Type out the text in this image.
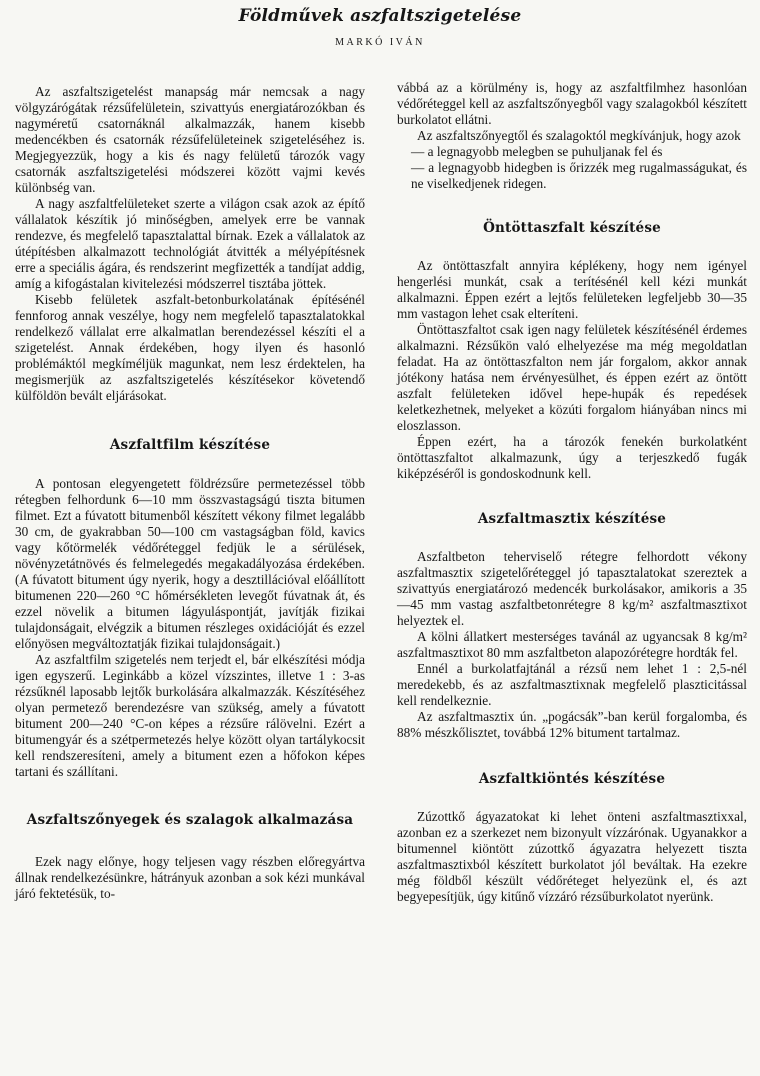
Földművek aszfaltszigetelése
MARKÓ IVÁN

Az aszfaltszigetelést manapság már nemcsak a nagy völgyzárógátak rézsűfelületein, szivattyús energiatározókban és nagyméretű csatornáknál alkalmazzák, hanem kisebb medencékben és csatornák rézsűfelületeinek szigeteléséhez is. Megjegyezzük, hogy a kis és nagy felületű tározók vagy csatornák aszfaltszigetelési módszerei között vajmi kevés különbség van.

A nagy aszfaltfelületeket szerte a világon csak azok az építő vállalatok készítik jó minőségben, amelyek erre be vannak rendezve, és megfelelő tapasztalattal bírnak. Ezek a vállalatok az útépítésben alkalmazott technológiát átvitték a mélyépítésnek erre a speciális ágára, és rendszerint megfizették a tandíjat addig, amíg a kifogástalan kivitelezési módszerrel tisztába jöttek.

Kisebb felületek aszfalt-betonburkolatának építésénél fennforog annak veszélye, hogy nem megfelelő tapasztalatokkal rendelkező vállalat erre alkalmatlan berendezéssel készíti el a szigetelést. Annak érdekében, hogy ilyen és hasonló problémáktól megkíméljük magunkat, nem lesz érdektelen, ha megismerjük az aszfaltszigetelés készítésekor követendő külföldön bevált eljárásokat.

Aszfaltfilm készítése

A pontosan elegyengetett földrézsűre permetezéssel több rétegben felhordunk 6—10 mm összvastagságú tiszta bitumen filmet. Ezt a fúvatott bitumenből készített vékony filmet legalább 30 cm, de gyakrabban 50—100 cm vastagságban föld, kavics vagy kőtörmelék védőréteggel fedjük le a sérülések, növényzetátnövés és felmelegedés megakadályozása érdekében. (A fúvatott bitument úgy nyerik, hogy a desztillációval előállított bitumenen 220—260 °C hőmérsékleten levegőt fúvatnak át, és ezzel növelik a bitumen lágyuláspontját, javítják fizikai tulajdonságait, elvégzik a bitumen részleges oxidációját és ezzel előnyösen megváltoztatják fizikai tulajdonságait.)

Az aszfaltfilm szigetelés nem terjedt el, bár elkészítési módja igen egyszerű. Leginkább a közel vízszintes, illetve 1 : 3-as rézsűknél laposabb lejtők burkolására alkalmazzák. Készítéséhez olyan permetező berendezésre van szükség, amely a fúvatott bitument 200—240 °C-on képes a rézsűre rálövelni. Ezért a bitumengyár és a szétpermetezés helye között olyan tartálykocsit kell rendszeresíteni, amely a bitument ezen a hőfokon képes tartani és szállítani.

Aszfaltszőnyegek és szalagok alkalmazása

Ezek nagy előnye, hogy teljesen vagy részben előregyártva állnak rendelkezésünkre, hátrányuk azonban a sok kézi munkával járó fektetésük, to-

vábbá az a körülmény is, hogy az aszfaltfilmhez hasonlóan védőréteggel kell az aszfaltszőnyegből vagy szalagokból készített burkolatot ellátni.

Az aszfaltszőnyegtől és szalagoktól megkívánjuk, hogy azok

— a legnagyobb melegben se puhuljanak fel és

— a legnagyobb hidegben is őrizzék meg rugalmasságukat, és ne viselkedjenek ridegen.

Öntöttaszfalt készítése

Az öntöttaszfalt annyira képlékeny, hogy nem igényel hengerlési munkát, csak a terítésénél kell kézi munkát alkalmazni. Éppen ezért a lejtős felületeken legfeljebb 30—35 mm vastagon lehet csak elteríteni.

Öntöttaszfaltot csak igen nagy felületek készítésénél érdemes alkalmazni. Rézsűkön való elhelyezése ma még megoldatlan feladat. Ha az öntöttaszfalton nem jár forgalom, akkor annak jótékony hatása nem érvényesülhet, és éppen ezért az öntött aszfalt felületeken idővel hepe-hupák és repedések keletkezhetnek, melyeket a közúti forgalom hiányában nincs mi eloszlasson.

Éppen ezért, ha a tározók fenekén burkolatként öntöttaszfaltot alkalmazunk, úgy a terjeszkedő fugák kiképzéséről is gondoskodnunk kell.

Aszfaltmasztix készítése

Aszfaltbeton teherviselő rétegre felhordott vékony aszfaltmasztix szigetelőréteggel jó tapasztalatokat szereztek a szivattyús energiatározó medencék burkolásakor, amikoris a 35—45 mm vastag aszfaltbetonrétegre 8 kg/m² aszfaltmasztixot helyeztek el.

A kölni állatkert mesterséges tavánál az ugyancsak 8 kg/m² aszfaltmasztixot 80 mm aszfaltbeton alapozórétegre hordták fel.

Ennél a burkolatfajtánál a rézsű nem lehet 1 : 2,5-nél meredekebb, és az aszfaltmasztixnak megfelelő plaszticitással kell rendelkeznie.

Az aszfaltmasztix ún. „pogácsák”-ban kerül forgalomba, és 88% mészkőlisztet, továbbá 12% bitument tartalmaz.

Aszfaltkiöntés készítése

Zúzottkő ágyazatokat ki lehet önteni aszfaltmasztixxal, azonban ez a szerkezet nem bizonyult vízzárónak. Ugyanakkor a bitumennel kiöntött zúzottkő ágyazatra helyezett tiszta aszfaltmasztixból készített burkolatot jól beváltak. Ha ezekre még földből készült védőréteget helyezünk el, és azt begyepesítjük, úgy kitűnő vízzáró rézsűburkolatot nyerünk.
